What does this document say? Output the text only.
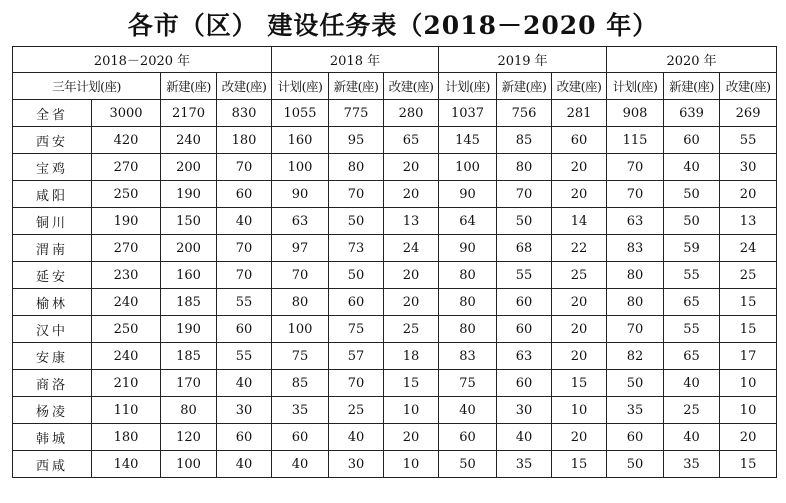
各市（区） 建设任务表（2018－2020 年）
2018－2020 年				2018 年			2019 年			2020 年		
三年计划(座)		新建(座)	改建(座)	计划(座)	新建(座)	改建(座)	计划(座)	新建(座)	改建(座)	计划(座)	新建(座)	改建(座)
全省	3000	2170	830	1055	775	280	1037	756	281	908	639	269
西安	420	240	180	160	95	65	145	85	60	115	60	55
宝鸡	270	200	70	100	80	20	100	80	20	70	40	30
咸阳	250	190	60	90	70	20	90	70	20	70	50	20
铜川	190	150	40	63	50	13	64	50	14	63	50	13
渭南	270	200	70	97	73	24	90	68	22	83	59	24
延安	230	160	70	70	50	20	80	55	25	80	55	25
榆林	240	185	55	80	60	20	80	60	20	80	65	15
汉中	250	190	60	100	75	25	80	60	20	70	55	15
安康	240	185	55	75	57	18	83	63	20	82	65	17
商洛	210	170	40	85	70	15	75	60	15	50	40	10
杨凌	110	80	30	35	25	10	40	30	10	35	25	10
韩城	180	120	60	60	40	20	60	40	20	60	40	20
西咸	140	100	40	40	30	10	50	35	15	50	35	15
